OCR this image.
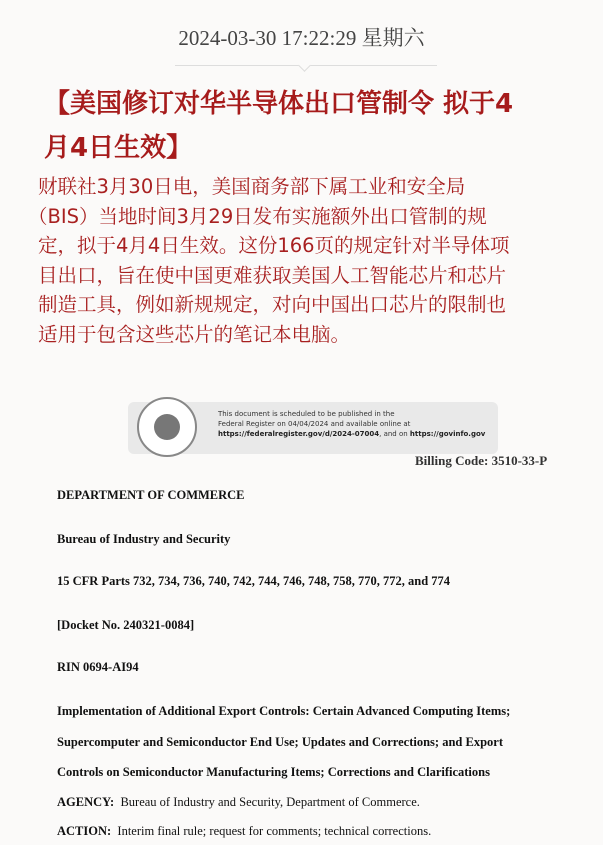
2024-03-30 17:22:29 星期六
【美国修订对华半导体出口管制令 拟于4
月4日生效】
财联社3月30日电，美国商务部下属工业和安全局
（BIS）当地时间3月29日发布实施额外出口管制的规
定，拟于4月4日生效。这份166页的规定针对半导体项
目出口，旨在使中国更难获取美国人工智能芯片和芯片
制造工具，例如新规规定，对向中国出口芯片的限制也
适用于包含这些芯片的笔记本电脑。
This document is scheduled to be published in the
Federal Register on 04/04/2024 and available online at
https://federalregister.gov/d/2024-07004, and on https://govinfo.gov
Billing Code: 3510-33-P
DEPARTMENT OF COMMERCE
Bureau of Industry and Security
15 CFR Parts 732, 734, 736, 740, 742, 744, 746, 748, 758, 770, 772, and 774
[Docket No. 240321-0084]
RIN 0694-AI94
Implementation of Additional Export Controls: Certain Advanced Computing Items;
Supercomputer and Semiconductor End Use; Updates and Corrections; and Export
Controls on Semiconductor Manufacturing Items; Corrections and Clarifications
AGENCY: Bureau of Industry and Security, Department of Commerce.
ACTION: Interim final rule; request for comments; technical corrections.
